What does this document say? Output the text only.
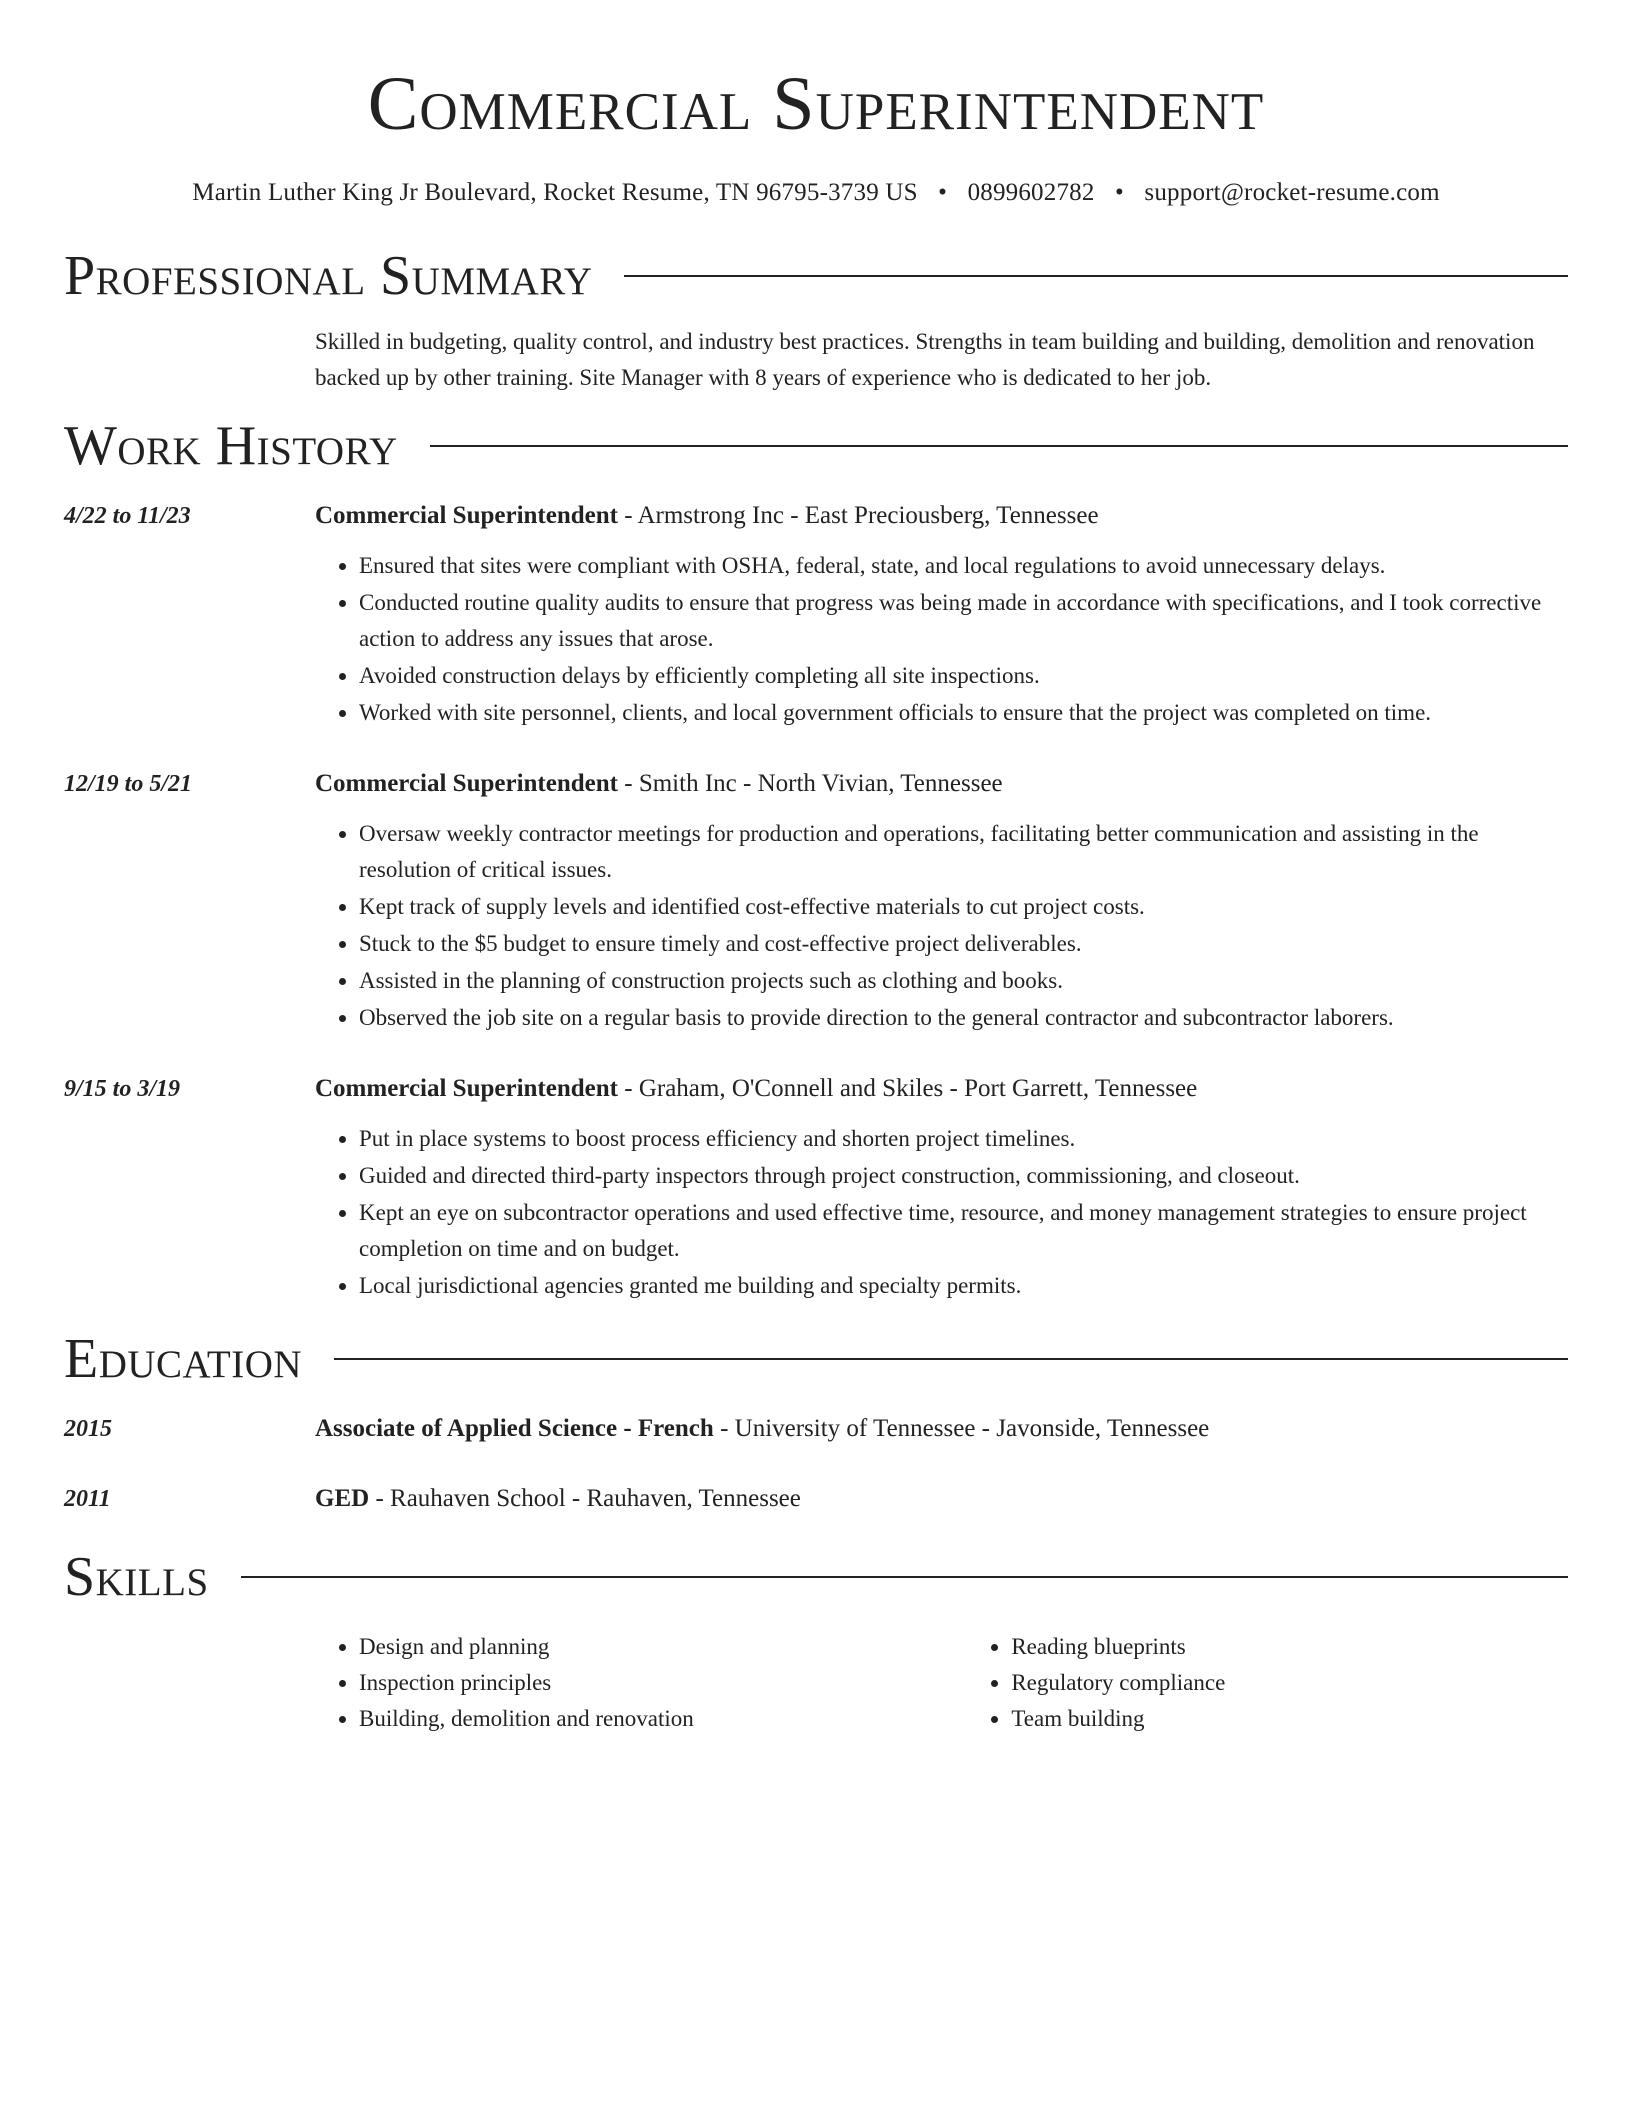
Commercial Superintendent
Martin Luther King Jr Boulevard, Rocket Resume, TN 96795-3739 US • 0899602782 • support@rocket-resume.com
Professional Summary
Skilled in budgeting, quality control, and industry best practices. Strengths in team building and building, demolition and renovation backed up by other training. Site Manager with 8 years of experience who is dedicated to her job.
Work History
4/22 to 11/23	Commercial Superintendent - Armstrong Inc - East Preciousberg, Tennessee
• Ensured that sites were compliant with OSHA, federal, state, and local regulations to avoid unnecessary delays.
• Conducted routine quality audits to ensure that progress was being made in accordance with specifications, and I took corrective action to address any issues that arose.
• Avoided construction delays by efficiently completing all site inspections.
• Worked with site personnel, clients, and local government officials to ensure that the project was completed on time.
12/19 to 5/21	Commercial Superintendent - Smith Inc - North Vivian, Tennessee
• Oversaw weekly contractor meetings for production and operations, facilitating better communication and assisting in the resolution of critical issues.
• Kept track of supply levels and identified cost-effective materials to cut project costs.
• Stuck to the $5 budget to ensure timely and cost-effective project deliverables.
• Assisted in the planning of construction projects such as clothing and books.
• Observed the job site on a regular basis to provide direction to the general contractor and subcontractor laborers.
9/15 to 3/19	Commercial Superintendent - Graham, O'Connell and Skiles - Port Garrett, Tennessee
• Put in place systems to boost process efficiency and shorten project timelines.
• Guided and directed third-party inspectors through project construction, commissioning, and closeout.
• Kept an eye on subcontractor operations and used effective time, resource, and money management strategies to ensure project completion on time and on budget.
• Local jurisdictional agencies granted me building and specialty permits.
Education
2015	Associate of Applied Science - French - University of Tennessee - Javonside, Tennessee
2011	GED - Rauhaven School - Rauhaven, Tennessee
Skills
• Design and planning
• Inspection principles
• Building, demolition and renovation
• Reading blueprints
• Regulatory compliance
• Team building
